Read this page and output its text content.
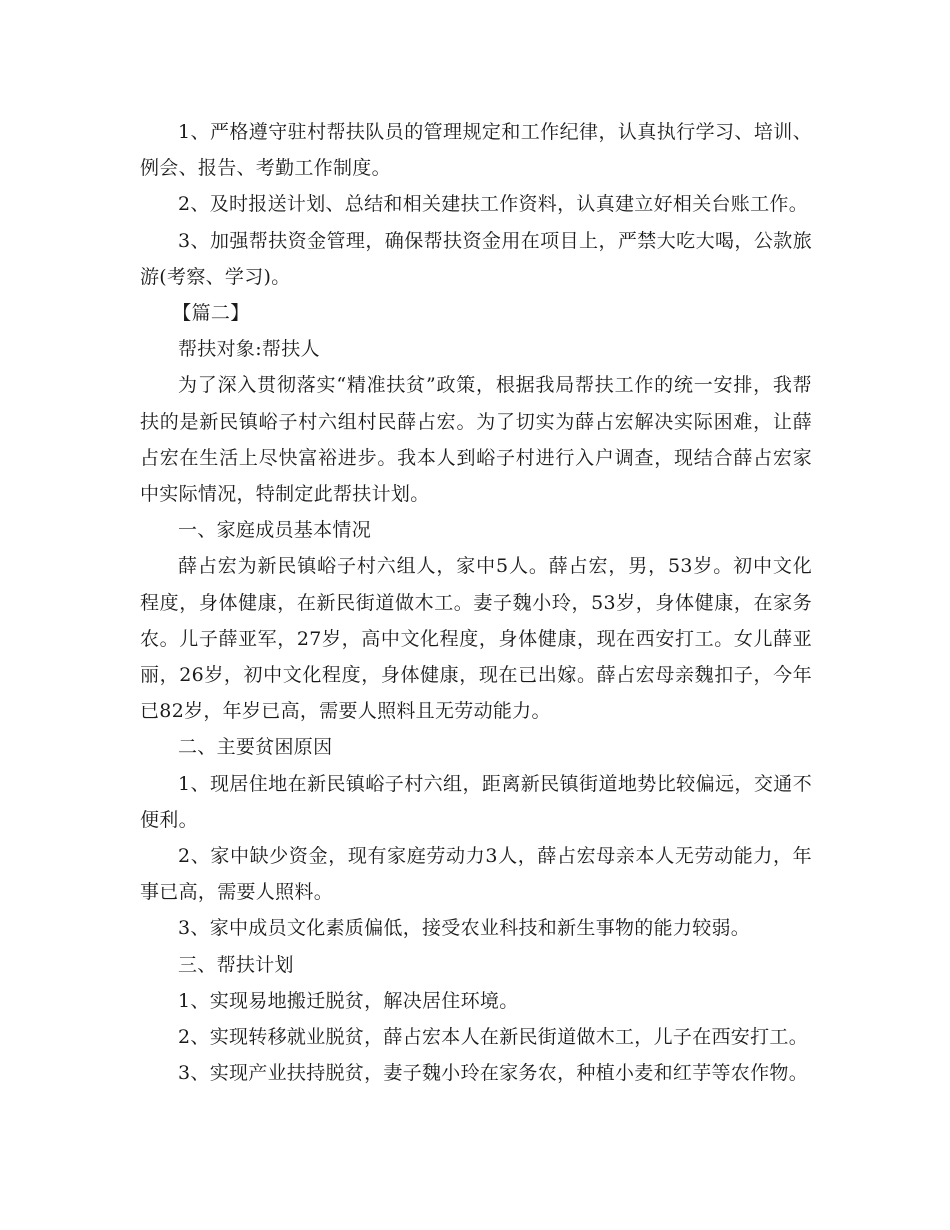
1、严格遵守驻村帮扶队员的管理规定和工作纪律，认真执行学习、培训、例会、报告、考勤工作制度。

2、及时报送计划、总结和相关建扶工作资料，认真建立好相关台账工作。

3、加强帮扶资金管理，确保帮扶资金用在项目上，严禁大吃大喝，公款旅游(考察、学习)。

【篇二】

帮扶对象:帮扶人

为了深入贯彻落实“精准扶贫”政策，根据我局帮扶工作的统一安排，我帮扶的是新民镇峪子村六组村民薛占宏。为了切实为薛占宏解决实际困难，让薛占宏在生活上尽快富裕进步。我本人到峪子村进行入户调查，现结合薛占宏家中实际情况，特制定此帮扶计划。

一、家庭成员基本情况

薛占宏为新民镇峪子村六组人，家中5人。薛占宏，男，53岁。初中文化程度，身体健康，在新民街道做木工。妻子魏小玲，53岁，身体健康，在家务农。儿子薛亚军，27岁，高中文化程度，身体健康，现在西安打工。女儿薛亚丽，26岁，初中文化程度，身体健康，现在已出嫁。薛占宏母亲魏扣子，今年已82岁，年岁已高，需要人照料且无劳动能力。

二、主要贫困原因

1、现居住地在新民镇峪子村六组，距离新民镇街道地势比较偏远，交通不便利。

2、家中缺少资金，现有家庭劳动力3人，薛占宏母亲本人无劳动能力，年事已高，需要人照料。

3、家中成员文化素质偏低，接受农业科技和新生事物的能力较弱。

三、帮扶计划

1、实现易地搬迁脱贫，解决居住环境。

2、实现转移就业脱贫，薛占宏本人在新民街道做木工，儿子在西安打工。

3、实现产业扶持脱贫，妻子魏小玲在家务农，种植小麦和红芋等农作物。
